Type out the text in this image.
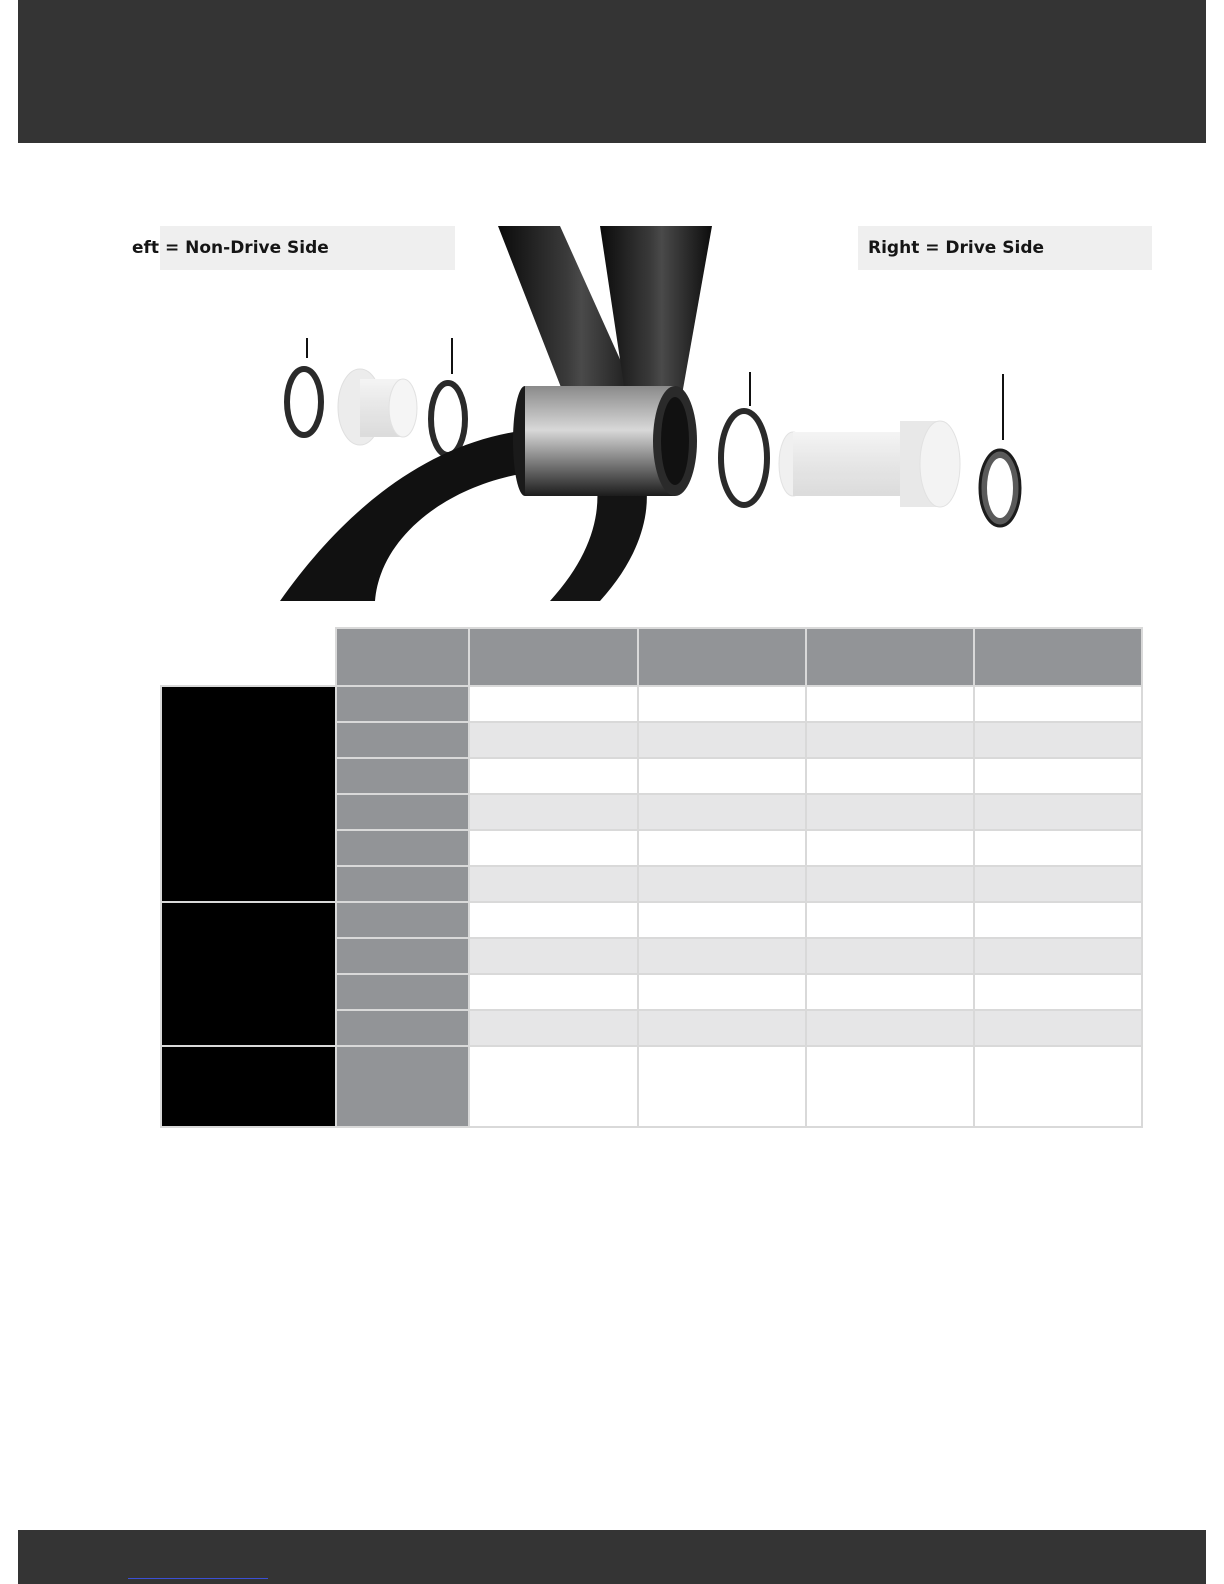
eft = Non-Drive Side	Right = Drive Side
